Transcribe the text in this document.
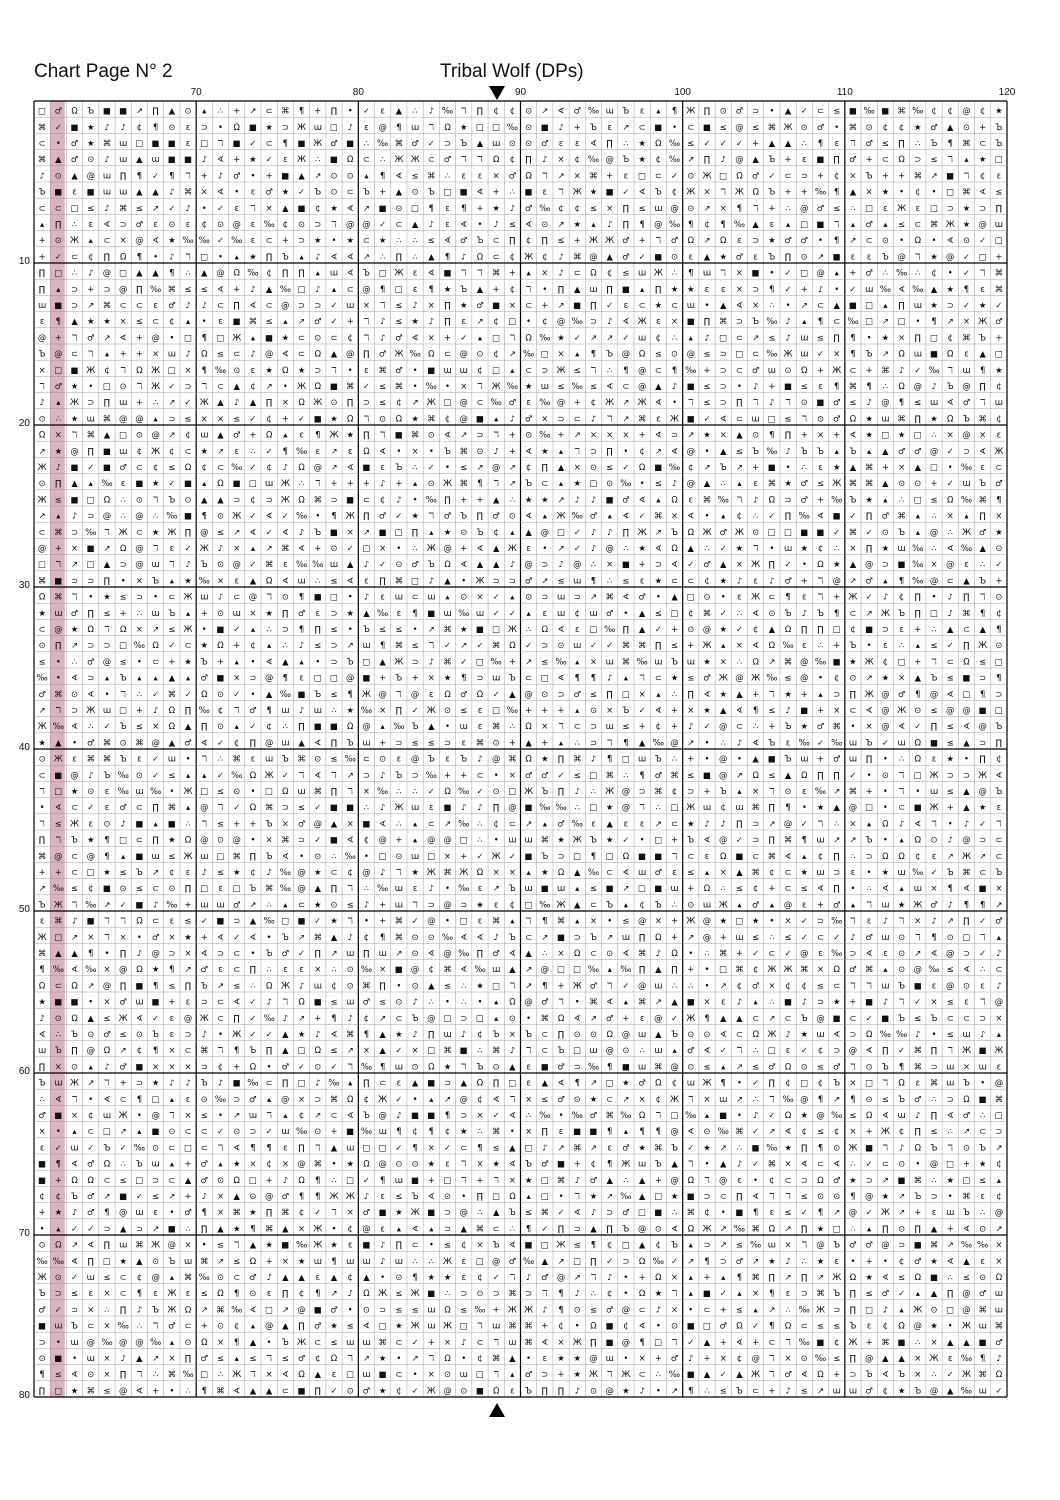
Chart Page N° 2	Tribal Wolf (DPs)
70	80	90	100	110	120
10
20
30
40
50
60
70
80
□ ♂ Ω Ъ ■ ■ ↗ ∏ ▲ ⊙ ▴ ∴ + ↗ ⊂ ⌘ ¶ + ∏ • ✓ ε ▲ ∴ ♪ ‰ ℸ ∏ ¢ ¢ ⊙ ↗ ∢ ♂ ‰ ɯ Ъ ε ▴ ¶ Ж ∏ ⊙ ♂ ⊃ • ▲ ✓ ⊂ ≤ ■ ‰ ■ ⌘ ‰ ¢ ¢ @ ¢ ★
⌘ ✓ ■ ★ ♪ ♪ ¢ ¶ ⊙ ε ⊃ • Ω ■ ★ ⊃ Ж ɯ □ ♪ ε @ ¶ ɯ ℸ Ω ★ □ □ ‰ ⊙ ■ ♪ + Ъ ε ↗ ⊂ ■ • ⊂ ■ ≤ @ ≤ ⌘ Ж ⊙ ♂ • ⌘ ⊙ ¢ ¢ ★ ♂ ▲ ⊙ + Ъ
⊂ • ♂ ★ ⌘ ɯ □ ■ ■ ε □ ℸ ■ ✓ ⊂ ¶ ■ Ж ♂ ■ ∴ ‰ ⌘ ♂ ✓ ⊃ Ъ ▲ ɯ ⊙ ⊙ ♂ ε ε ∢ ∏ ∴ ★ Ω ‰ ≤ ✓ ✓ ✓ + ▲ ▲ ∴ ¶ ε ℸ ♂ ≤ ∏ ∴ Ъ ¶ ⌘ ⊂ Ъ
⌘ ▲ ♂ ⊙ ♪ ɯ ▲ ɯ ■ ■ ♪ ∢ + ★ ✓ ε Ж ∴ ■ Ω ⊂ ∴ Ж Ж ⊂ ♂ ℸ ℸ Ω ¢ ∏ ♪ × ¢ ‰ @ Ъ ★ ¢ ‰ ↗ ∏ ♪ @ ▲ Ъ + ε ■ ∏ ♂ + ⊂ Ω ⊃ ≤ ℸ ▴ ★ □
♪ ⊙ ▲ @ ɯ ∏ ¶ ✓ ¶ ℸ + ♪ ♂ • + ■ ▲ ↗ ⊙ ⊙ ▴ ¶ ∢ ≤ ⌘ ∴ ε ε × ♂ Ω ℸ ↗ × ⌘ + ε □ ⊂ ✓ ⊙ Ж □ Ω ♂ ✓ ⊂ ⊃ + ¢ × Ъ + + ⌘ ↗ ■ ℸ ¢ ε
Ъ ■ ε ■ ɯ ɯ ▲ ▲ ♪ ⌘ × ∢ • ε ♂ ★ ✓ Ъ ⊙ ⊂ Ъ + ▲ ⊙ Ъ □ ■ ∢ + ∴ ■ ε ℸ Ж ★ ■ ✓ ∢ Ъ ¢ Ж × ℸ Ж Ω Ъ + + ‰ ¶ ▲ × ★ • ¢ • □ ⌘ ∢ ≤
⊂ ⊂ □ ≤ ♪ ⌘ ≤ ↗ ✓ ♪ • ✓ ε ℸ × ▲ ■ ¢ ★ ∢ ↗ ■ ⊙ □ ¶ ε ¶ + ★ ♪ ♂ ‰ ¢ ¢ ≤ × ∏ ≤ ɯ @ ⊙ ↗ × ¶ ℸ + ∴ @ ♂ ≤ ∴ □ ε Ж ε □ ⊃ ★ ⊃ ∏
▴ ∏ ∴ ε ∢ ⊃ ♂ ε ⊙ ε ¢ ⊙ @ ε ‰ ¢ ⊙ ⊃ ℸ @ @ ✓ ⊂ ▲ ♪ ε ∢ • ♪ ≤ ∢ ⊙ ↗ ★ ▴ ♪ ∏ ¶ @ ‰ ¶ ¢ ¶ ‰ ▲ ε ▴ □ ■ ℸ ▴ ♂ ▴ ≤ ⊂ ⌘ Ж ★ @ ɯ
+ ⊙ Ж ▴ ⊂ × @ ∢ ★ ‰ ‰ ✓ ‰ ε ⊂ + ⊃ ★ • ★ ⊂ ★ ∴ ∴ ≤ ∢ ♂ Ъ ⊂ ∏ ¢ ∏ ≤ + Ж Ж ♂ + ℸ ♂ Ω ↗ Ω ε ⊃ ★ ♂ ♂ • ¶ ↗ ⊂ ⊙ • Ω • ∢ ⊙ ✓ □
+ ✓ ⊂ ¢ ∏ Ω ¶ • ♪ ℸ □ • ▴ ★ ∏ Ъ ▴ ♪ ∢ ∢ ↗ ∴ ∏ ∴ ▲ ¶ ♪ Ω ⊂ ¢ Ж ¢ ♪ ⌘ @ ▲ ♂ ✓ ■ ⊙ ε ▲ ★ ♂ ε Ъ ∏ ⊙ ↗ ■ ε ε Ъ @ ℸ ★ @ ✓ □ +
∏ □ ∴ ♪ @ □ ▲ ▲ ¶ ∴ ▲ @ Ω ‰ ¢ ∏ ∏ ▴ ɯ ∢ Ъ □ Ж ε ∢ ■ ℸ ℸ ⌘ + ▴ × ♪ ⊂ Ω ¢ ≤ ɯ Ж ∴ ¶ ɯ ℸ × ■ • ✓ □ @ ▴ + ♂ ∴ ‰ ∴ ¢ • ✓ ℸ ⌘
∏ ▴ ⊃ + ⊃ @ ∏ ‰ ⌘ ≤ ≤ ∢ + ♪ ▲ ‰ □ ♪ ▴ ⊂ @ ¶ □ ε ¶ ★ Ъ ▲ + ¢ ℸ • ∏ ▲ ɯ ∏ ■ ▴ ∏ ★ ★ ε ε × ⊃ ¶ ✓ + ♪ • ✓ ɯ ‰ ∢ ‰ ▲ ★ ¶ ε ⌘
ɯ ■ ⊃ ↗ ⌘ ⊂ ⊂ ε ♂ ♪ ♪ ⊂ ∏ ∢ ⊂ @ ⊃ ⊃ ✓ ɯ × ℸ ≤ ♪ × ∏ ★ ♂ ■ × ⊂ + ↗ ■ ∏ ✓ ε ⊂ ★ ⊂ ɯ • ▲ ∢ × ∴ • ↗ ⊂ ▲ ■ □ ▴ ∏ ɯ ★ ⊃ ✓ ★ ✓
ε ¶ ▲ ★ ★ × ≤ ⊂ ¢ ▴ • ε ■ ⌘ ≤ ▴ ↗ ♂ ✓ + ℸ ♪ ≤ ★ ♪ ∏ ε ↗ ¢ □ • ¢ @ ‰ ⊃ ♪ ∢ Ж ε × ■ ∏ ⌘ ⊃ Ъ ‰ ♪ ▴ ¶ ⊂ ‰ □ ↗ □ • ¶ ↗ × Ж ♂
@ + ℸ ♂ ↗ ∢ + @ • □ ¶ □ Ж ▴ ■ ★ ⊂ ⊙ ⊂ ¢ ℸ ♪ ♂ ∢ × + ✓ ▴ □ ℸ Ω ‰ ★ ✓ ↗ ↗ ✓ ɯ ¢ ∴ ▴ ♪ □ ⊂ ↗ ≤ ♪ ɯ ≤ ∏ ¶ • ★ × ∏ □ ¢ ⌘ Ъ +
Ъ @ ⊂ ℸ ▴ + + × ɯ ♪ Ω ≤ ⊂ ♪ @ ∢ ⊂ Ω ▲ @ ∏ ♂ Ж ‰ Ω ⊂ @ ⊙ ¢ ↗ ‰ □ × ▴ ¶ Ъ @ Ω ≤ ⊙ @ ≤ ⊃ □ ⊂ ‰ Ж ɯ ✓ × ¶ Ъ ↗ Ω ɯ ■ Ω ε ▲ □
× □ ■ Ж ¢ ℸ Ω Ж □ × ¶ ‰ ⊙ ε ★ Ω ★ ⊃ ℸ • ε ⌘ ♂ • ■ ɯ ɯ ¢ □ ▴ ⊂ ⊃ Ж ≤ ℸ ∴ ¶ @ ⊂ ¶ ‰ + ⊃ ⊂ ♂ ɯ ⊙ Ω + Ж ⊂ + ⌘ ♪ ✓ ‰ ℸ ɯ ¶ ★
ℸ ♂ ★ • □ ⊙ ℸ Ж ✓ ⊃ ℸ ⊂ ▲ ¢ ↗ • Ж Ω ■ ⌘ ✓ ≤ ⌘ • ‰ • × ℸ Ж ‰ ★ ɯ ≤ ‰ ≤ ∢ ⊂ @ ▲ ♪ ■ ≤ ⊃ • ♪ + ■ ≤ ε ¶ ⌘ ¶ ∴ Ω @ ♪ Ъ @ ∏ ¢
♪ ▴ Ж ⊃ ∏ ɯ + ∴ ↗ ✓ Ж ▲ ♪ ▲ ∏ × Ω Ж ⊙ ∏ ⊃ ≤ ¢ ↗ Ж □ @ ⊂ ‰ ♂ ε ‰ @ + ¢ Ж ↗ Ж ∢ • ℸ ≤ ⊃ ∏ ℸ ♪ ℸ ⊙ ■ ♂ ≤ ♪ @ ¶ ≤ ɯ ∢ ♂ ℸ ɯ
⊙ ∴ ★ ɯ ⌘ @ @ ▴ ⊃ ≤ × × ≤ ✓ ¢ + ✓ ■ ★ Ω ℸ ⊙ Ω ★ ⌘ ¢ @ ■ ▴ ♪ ♂ × ⊃ ⊂ ♪ ℸ ↗ ⌘ ε Ж ■ ✓ ∢ ⊂ ɯ □ ≤ ℸ ⊙ ♂ Ω ★ ɯ ⌘ ∏ ★ Ω Ъ ⌘ ¢
Ω × ℸ ⌘ ▲ □ ⊙ @ ↗ ¢ ɯ ▲ ♂ + Ω ▴ ε ¶ Ж ★ ∏ ℸ ■ ⌘ ⊙ ∢ ↗ ⊃ ℸ + ⊙ ‰ + ↗ × × × + ∢ ⊃ ↗ ★ × ▲ ⊙ ¶ ∏ + × + ∢ ★ □ ★ □ ∴ × @ × ε
↗ ★ @ ∏ ■ ɯ ¢ Ж ¢ ⊂ ★ ↗ ε ∴ ✓ ¶ ‰ ε ↗ ε Ω ∢ • × • Ъ ⌘ ⊙ ♪ + ∢ ★ ▴ ℸ ⊃ ∏ • ¢ ↗ ∢ @ • ▲ ≤ Ъ ‰ ♪ Ъ Ъ ▴ Ъ ▴ ▲ ♂ ♂ @ ✓ ⊃ ∢ Ж
Ж ♪ ■ ✓ ■ ♂ ⊂ ¢ ≤ Ω ¢ ⊂ ‰ ✓ ¢ ♪ Ω @ ↗ ∢ ■ ε Ъ ∴ ✓ • ≤ ↗ @ ↗ ¢ ∏ ▲ × ⊙ ≤ ✓ Ω ■ ‰ ¢ ↗ Ъ ↗ + ■ • ∴ ε ★ ▲ ⌘ + × ▲ □ • ‰ ε ⊂
⊙ ∏ ▲ ▴ ‰ ε ■ ★ ✓ ■ ▴ Ω ■ □ ɯ Ж ∴ ℸ + + + ♪ + ▴ ⊙ Ж ⌘ ¶ ℸ ↗ Ъ ⊂ ▴ ★ □ ⊙ ‰ • ≤ ♪ @ ▲ ∴ ▴ ε ⌘ ★ ♂ ≤ Ж ⌘ ⌘ ▲ ⊙ ⊙ + ✓ ɯ Ъ ♂
Ж ≤ ■ □ Ω ∴ ⊙ ℸ Ъ ⊙ ▲ ▲ ⊃ ¢ ⊃ Ж Ω ⌘ ⊃ ■ ⊂ ¢ ♪ • ‰ ∏ + + ▲ ∴ ★ ★ ↗ ♪ ♪ ■ ♂ ∢ ▴ Ω ε ⌘ ‰ ℸ ♪ Ω ⊃ ♂ + ‰ Ъ ★ ▴ ∴ □ ≤ Ω ‰ ⌘ ¶
↗ ▴ ♪ ⊃ @ ∴ @ ∴ ‰ ■ ¶ ⊙ Ж ✓ ∢ ✓ ‰ • ¶ Ж ∏ ♂ ✓ ★ ℸ ♂ Ъ ∏ ♂ ⊙ ∢ ▴ Ж ‰ ♂ ▴ ∢ ✓ ⌘ × ∢ • ▴ ¢ ∴ ✓ ∏ ‰ ∢ ■ ✓ ∏ ♂ ⌘ ▴ ∴ × ▴ ∏ ×
⊂ ⌘ ⊃ ‰ ℸ Ж ⊂ ★ Ж ∏ @ ≤ ↗ ∢ ✓ ∢ ♪ Ъ ■ × ↗ ■ □ ∏ ▴ ★ ⊙ Ъ ¢ ▴ ▲ @ □ ✓ ♪ ♪ ∏ Ж ↗ Ъ Ω Ж ♂ Ж ⊙ □ □ ■ ■ ✓ ⌘ ✓ ⊙ Ъ ▴ @ ∴ Ж ♂ ★
@ + × ■ ↗ Ω @ ℸ ε ✓ Ж ♪ × ▴ ↗ ⌘ ∢ + ⊙ ✓ □ × • ∴ Ж @ + ∢ ▲ Ж ε • ↗ ✓ ♪ @ ∴ ★ ∢ Ω ▲ ∴ ✓ ★ ℸ • ɯ ★ ¢ ∴ × ∏ ★ ɯ ‰ ∴ ∢ ‰ ▲ ⊙
□ ℸ ↗ □ ▲ ⊃ @ ɯ ℸ ♪ Ъ ⊙ @ ✓ ⌘ ε ‰ ‰ ɯ ▲ ♪ ✓ ⊙ ♂ Ъ Ω ∢ ▲ ▲ ♪ @ ⊃ ♪ @ ∴ × ■ + ⊃ ∢ ✓ ♂ ▲ × Ж ∏ ✓ • Ω ★ ▲ @ ⊃ ■ ‰ × @ ε ∴ ✓
⌘ ■ ⊃ ⊃ ∏ • × Ъ ▴ ★ ‰ × ε ▲ Ω ∢ ɯ ∴ ≤ ∢ ε ∏ ⌘ □ ♪ ▲ • Ж ⊃ ⊃ ♂ ↗ ≤ ɯ ¶ ∴ ≤ ε ★ ⊂ ⊂ ¢ ★ ♪ ε ♪ ♂ + ℸ @ ↗ ♂ ▴ ¶ ‰ @ ⊂ ▲ Ъ +
Ω ⌘ ℸ • ★ ≤ ⊃ • ⊂ Ж ɯ ♪ ⊂ @ ℸ ⊙ ¶ ■ □ • ♪ ε ɯ ⊂ ɯ ▴ ⊙ × ✓ ▴ ⊙ ⊃ ɯ ⊃ ↗ ⌘ ∢ ♂ • ▲ □ ⊙ • ε Ж ⊂ ¶ ε ℸ + Ж ✓ ♪ ¢ ∏ • ♪ ∏ ℸ ⊙
★ ɯ ♂ ∏ ≤ + ∴ ɯ Ъ ▴ + ⊙ ɯ × ★ ∏ ♂ ε ⊃ ★ ▲ ‰ ε ¶ ■ ɯ ‰ ɯ ✓ ✓ ▴ ε ɯ ¢ ɯ ♂ • ▲ ≤ □ ¢ ⌘ ✓ ∴ ∢ ⊙ Ъ ♪ Ъ ¶ ⊂ ↗ Ж Ъ ∏ □ ♪ ⌘ ¶ ¢
⊂ @ ★ Ω ℸ Ω × ↗ ≤ Ж • ■ ✓ ▴ ∴ ⊃ ¶ ∏ ≤ • Ъ ≤ ≤ • ↗ ⌘ ★ ■ □ Ж ∴ Ω ∢ ε □ ‰ ∏ ▲ ✓ + ⊙ @ ★ ✓ ¢ ▲ Ω ∏ ∏ □ ¢ ■ ⊃ ε + ∴ ▲ ⊂ ▲ ¶
⊙ ∏ ↗ ⊃ ⊃ □ ‰ Ω ✓ ⊂ ★ Ω + ¢ ▴ ∴ ♪ ≤ ⊃ ↗ ɯ ¶ ⌘ ≤ ℸ ✓ ↗ ✓ ⌘ Ω ✓ ⊃ ⊙ ɯ ✓ ✓ ⌘ ⌘ ∏ ≤ + Ж ▴ × ∢ Ω ‰ ε ∴ + Ъ • ε ∴ ▴ ≤ ✓ ∏ Ж ⊙
≤ • ∴ ♂ @ ≤ • ⊂ + ★ Ъ + ▴ • ∢ ▲ ▴ • ⊃ Ъ □ ▲ Ж ⊃ ♪ ⌘ ✓ □ ‰ + ↗ ≤ ‰ ▴ × ɯ ⌘ ‰ ɯ Ъ ɯ ★ × ∴ Ω ↗ ⌘ @ ‰ ■ ★ Ж ¢ □ + ℸ ⊂ Ω ≤ □
‰ • ∢ ⊃ ▴ Ъ ▴ ▴ ▲ ▴ ♂ ■ × ⊃ @ ¶ ε □ □ @ ■ + Ъ + × ★ ¶ ⊃ ɯ Ъ ⊂ □ ∢ ¶ ¶ ♪ ▴ ℸ ⊂ ★ ≤ ♂ Ж @ Ж ‰ ≤ @ • ¢ ⊙ ↗ ★ × ▲ Ъ ≤ ■ ⊃ ¶
♂ ⌘ ⊙ ∢ • ℸ ∴ ✓ ⌘ ✓ Ω ⊙ ✓ • ▲ ‰ ■ Ъ ≤ ¶ Ж @ ℸ @ ε Ω ♂ Ω ✓ ▲ @ ⊙ ⊃ ♂ ≤ ∏ □ × ▴ ∴ ∏ ∢ ★ ▲ + ℸ ★ + ▴ ⊃ ∏ Ж @ ♂ ¶ @ ∢ □ ¶ ⊃
↗ ℸ ⊃ Ж ɯ □ + ♪ Ω ∏ ‰ ¢ ℸ ♂ ¶ ɯ ♪ ɯ ∴ ★ ‰ × ∏ ✓ Ж ⊙ ≤ ε □ ‰ + + + ▴ ⊙ × Ъ ✓ ∢ + × ★ ▲ ∢ ¶ ≤ ♪ ■ + × ⊂ ∢ @ Ж ⊙ ≤ @ @ ■ □
Ж ‰ ∢ ∴ ✓ Ъ ≤ × Ω ▲ ∏ ⊙ ▴ ✓ ¢ ∴ ∏ ■ ■ Ω @ ▴ ‰ Ъ ▲ • ɯ ε ⌘ ∴ Ω × ℸ ⊂ ⊃ ɯ ≤ + ¢ + ♪ ✓ @ ⊂ ∴ + Ъ ★ ♂ ⌘ • × @ ∢ ✓ ∏ ≤ ∢ @ Ъ
★ ▲ • ♂ ⌘ ⊙ ⌘ @ ▲ ♂ ∢ ✓ ¢ ∏ @ ɯ ▲ ∢ ∏ Ъ ɯ + ⊃ ≤ ≤ ⊃ ε ⌘ ⊙ + ▲ + ▴ ∴ ⊃ ℸ ¶ ▲ ‰ @ ↗ • ∴ ♪ ∢ Ъ ε ‰ ✓ ‰ ɯ Ъ ✓ ɯ Ω ■ ≤ ▲ ⊃ ∏
⊙ Ж ε ⌘ ⌘ Ъ ε ✓ ɯ • ℸ ∴ ⌘ ε ɯ Ъ ⌘ ⊙ ≤ ‰ ⊂ ⊙ ε @ Ъ ε Ъ ♪ @ ⌘ Ω ★ ∏ ⌘ ♪ ¶ □ ɯ Ъ ∴ + • @ • ▲ ■ Ъ ɯ + ♂ ɯ ∏ • ∴ Ω ε ★ • ∏ ¢
⊂ ■ @ ♪ Ъ ‰ ⊙ ✓ ≤ ▴ ▴ ✓ ‰ Ω Ж ✓ ℸ ∢ ℸ ↗ ⊃ ♪ Ъ ⊃ ‰ + + ⊂ • × ♂ ♂ ✓ ≤ □ ⌘ ∴ ¶ ♂ ⌘ ≤ ■ @ ↗ Ω ≤ ▲ Ω ∏ ∏ ✓ • ⊙ ℸ □ Ж ⊃ ⊃ Ж ∢
ℸ □ ★ ⊙ ε ‰ ɯ ‰ • Ж □ ≤ ⊙ • □ Ω ɯ ⌘ ∏ ℸ × ‰ ∴ ∴ ✓ Ω ‰ ✓ ⊙ □ Ж Ъ ∏ ♪ ∴ Ж @ ⊃ ⌘ ¢ ⊃ + Ъ ▴ × ℸ ⊙ ε ‰ ↗ ⌘ + • ℸ • ɯ ≤ ▲ @ Ъ
• ∢ ⊂ ✓ ε ♂ ⊂ ∏ ⌘ ▴ @ ℸ ✓ Ω ⌘ ⊃ ≤ ✓ ■ ■ ∴ ♪ Ж ɯ ε ■ ♪ ♪ ∏ @ ■ ‰ ‰ ∴ □ ★ @ ℸ ∴ □ Ж ɯ ¢ ɯ ⌘ ∏ ¶ • ★ ▲ @ □ • ⊂ ■ Ж + ▲ ★ ε
ℸ ≤ Ж ε ⊙ ♪ ■ ▴ ■ ∴ ℸ ≤ + + Ъ × ♂ @ ▲ × ■ ∢ ∴ ▴ ⊂ ↗ ‰ ∴ ¢ ⊂ ↗ ▴ ♂ ‰ ε ▲ ε ε ↗ ⊂ ★ ♪ ♪ ∏ ⊃ ↗ @ ✓ ℸ ∴ × ▴ Ω ♪ ∢ ℸ • ♪ ✓ ℸ
∏ ℸ Ъ ★ ¶ □ ⊂ ∏ ★ Ω @ ⊙ @ • × ⌘ ⊃ ✓ ■ ∢ ¢ @ + ▴ @ @ □ ∴ • ɯ ɯ ⌘ ★ Ж Ъ ★ ✓ • □ + Ъ ∢ @ ✓ ⊃ ∏ ⌘ ¶ ɯ ↗ ↗ Ъ • ▴ Ω ⊙ ♪ @ ⊃ ⊂
⌘ @ ⊂ @ ¶ ▴ ■ ɯ ≤ Ж ɯ □ ⌘ ∏ Ъ ∢ • ⊙ ∴ ‰ • □ ⊙ ɯ □ × + ✓ Ж ✓ ■ Ъ ⊃ □ ¶ □ Ω ■ ■ ℸ ⊂ ε Ω ■ ⊂ ⌘ ∢ ▴ ¢ ∏ ∴ ⊃ Ω Ω ¢ ε ↗ Ж ↗ ⊂
+ + ⊂ □ ★ ≤ Ъ ↗ ¢ ε ♪ ≤ ★ ¢ ♪ ‰ @ ★ ⊂ ¢ @ ♪ ℸ ★ Ж ⌘ Ж Ω × × ▴ ★ Ω ▲ ‰ ⊂ ∢ ɯ ♂ ε ≤ ▴ × ▲ ⌘ ¢ ⊂ ★ ɯ ⊃ ε • ★ ɯ ‰ ✓ Ъ ⌘ ⊂ Ъ
↗ ‰ ≤ ¢ ■ ⊙ ≤ ⊂ ⊙ ∏ □ ε □ Ъ ⌘ ‰ @ ▲ ∏ ℸ ∴ ‰ ɯ ε ♪ • ‰ ε ↗ Ъ ɯ ■ ɯ ▴ ≤ ■ ↗ □ ■ ɯ + Ω ∴ ≤ ¢ + ⊂ ≤ ∢ ∏ • ∴ ∢ ▴ ɯ × ¶ ∢ ■ ×
Ъ Ж ℸ ‰ ↗ ✓ ■ ♪ ‰ + ɯ ɯ ♂ ↗ ∴ ▴ ⊂ ★ ⊙ ≤ ♪ + ɯ ℸ ⊃ @ ⊃ ★ ε ¢ □ ‰ Ж ▲ ⊂ Ъ ▴ ¢ Ъ ∴ ⊙ ɯ Ж ▴ ♂ ▴ @ ε + ♂ ▴ ℸ ɯ ★ Ж ♂ ♪ ¶ ¶ ↗
ε ⌘ ♪ ■ ℸ ℸ Ω ⊂ ε ≤ ✓ ■ ⊃ ▲ ‰ □ ■ ✓ ★ ℸ • + ⌘ ✓ @ • □ ε ⌘ ▴ ℸ ¶ ⌘ ▴ × • ≤ @ × + Ж @ ★ □ ★ • × ✓ ⊃ ‰ ℸ ε ♪ ℸ × ♪ ↗ ∏ ✓ ♂
Ж □ ↗ × ℸ × • ♂ × ★ + ∢ ✓ ∢ • Ъ ↗ ⌘ ▲ ♪ ¢ ¶ ⌘ ⊙ ⊙ ‰ ∢ ∢ ♪ Ъ ⊂ ↗ ■ ⊃ Ъ ↗ ɯ ∏ Ω + ↗ @ + ɯ ≤ ∴ ≤ ✓ ⊂ ✓ ♪ ♂ ɯ ⊙ ℸ ¶ ⊙ □ ℸ ▴
⌘ ▲ ▲ ¶ • ∏ ♪ @ ⊃ × ∢ ⊃ ⊂ • Ъ ♂ ✓ ∏ ↗ ɯ ∏ ɯ ↗ ⊙ ∢ @ ‰ ∏ ♂ ∢ ▲ ∴ × Ω ⊂ ⊙ ∢ ⌘ ♪ Ω • ∴ ⌘ + ✓ ⊂ ✓ @ ε ‰ ⊃ ∢ ε ⊙ ↗ ∢ @ ⊃ ✓ ♪
¶ ‰ ∢ ‰ × @ Ω ★ ¶ ↗ ♂ ε ⊂ ∏ ∴ ε ε × ∴ ⊙ ‰ × ■ @ ¢ ⌘ ∢ ‰ ɯ ▲ ↗ @ □ □ ‰ ▴ ‰ ∏ ▲ ∏ + • □ ⌘ ¢ Ж Ж ⌘ × Ω ♂ ⌘ ▴ ⊙ @ ‰ ≤ ∢ ∴ ⊂
Ω ⊂ Ω ↗ @ ∏ ■ ¶ ≤ ∏ Ъ ↗ ≤ ∴ Ω Ж ♪ ɯ ¢ ⊙ ⌘ ∏ • ⊙ ▲ ≤ ∴ ★ □ ℸ ↗ ¶ + Ж ♂ ℸ ✓ @ ɯ ∴ ∴ • ↗ ¢ ♂ × ¢ ¢ ≤ ⊂ ℸ ℸ ɯ Ъ ■ ε @ ⊙ ε ♪
★ ■ ■ • × ♂ ɯ ■ + ε ⊃ ⊂ ∢ ✓ ♪ ℸ Ω ■ ≤ ɯ ♂ ≤ ⊙ ♪ ∴ • ∴ • ▴ Ω @ ♂ ℸ • ⌘ ∢ ▴ ⌘ ↗ ▲ ■ × ε ♪ ▴ ∴ ■ ♪ ⊃ ★ + ■ ♪ ℸ ✓ × ≤ ε ℸ @
♪ ⊙ Ω ▲ ≤ Ж ∢ ✓ ε @ Ж ⊂ ∏ ✓ ‰ ♪ ↗ + ¶ ♪ ¢ ↗ ⊂ Ъ @ □ ⊃ □ ▴ ⊙ • ⌘ Ω ∢ ↗ ♂ + ε @ ✓ Ж ¶ ▲ ▲ ⊂ ↗ ⊂ Ъ @ ■ ⊂ ✓ ■ Ъ ≤ Ъ ⊂ ⊂ ⊃ ×
∢ ∴ Ъ ⊙ ♂ ≤ ⊙ Ъ ε ⊃ ♪ • Ж ✓ ✓ ▲ ★ ♪ ∢ ⌘ ¶ ▲ ★ ♪ ∏ ɯ ♪ ¢ Ъ × Ъ ⊂ ∏ ⊙ ⊙ Ω @ ɯ ▲ Ъ ⊙ ⊙ ∢ ⊂ Ω Ж ♪ ★ ɯ ∢ ⊃ Ω ‰ ‰ ♪ • ≤ ɯ ♪ ▴
ɯ Ъ ∏ @ Ω ↗ ¢ ¶ × ⊂ ⌘ ℸ ¶ Ъ ∏ ▲ □ Ω ≤ ↗ × ▲ ✓ × □ ⌘ ■ ∴ ⌘ ♪ ℸ ⊂ Ъ □ ɯ @ ⊙ ∴ ɯ ▴ ♂ ∢ ✓ ℸ ∴ □ ε ✓ ¢ ⊃ @ ∢ ∏ ✓ ⌘ ∏ ℸ Ж ■ Ж
∏ × ⊙ ▴ ♪ ♂ ■ × × × ⊃ ¢ + Ω • ♂ ✓ ⊙ ✓ ℸ ‰ ¶ ɯ ⊙ Ω ★ ℸ Ъ ⊙ ▲ ε ■ ♂ ⊃ ‰ ¶ ■ ɯ ⌘ @ ⊙ ≤ ▴ ↗ ≤ ♂ Ω ⊙ ≤ ♂ ℸ ⊙ Ъ ¶ ⌘ ⊃ ɯ × ɯ ε
Ъ ɯ Ж ↗ ℸ + ⊃ ★ ♪ ♪ Ъ ♪ ■ ‰ ⊂ ∏ □ ♪ ‰ ▴ ∏ ⊂ ε ▲ ■ ⊃ ▲ Ω ∏ □ ε ▲ ∢ ¶ ↗ □ ★ ♂ Ω ¢ ɯ Ж ¶ • ✓ ∏ ¢ □ ¢ Ъ × □ ℸ Ω ε ⌘ ɯ Ъ • @
∴ ∢ ℸ • ∢ ⊂ ¶ □ ▴ ε ⊙ ‰ ⊃ ♂ ▴ @ × ⊃ ⌘ Ω ¢ Ж ✓ • ▴ ↗ @ ¢ ∢ ℸ × ≤ ♂ ⊙ ★ ⊂ ↗ × ¢ Ж ℸ × ɯ ↗ ∴ ℸ ‰ @ ¶ ↗ ¶ ⊙ ≤ Ъ ♂ ∴ ⊃ Ω ■ ⌘
♂ ■ × ¢ ɯ Ж • @ ℸ × ≤ • ↗ ɯ ℸ ▴ ¢ ↗ ⊂ ∢ Ъ @ ♪ ■ ■ ¶ ⊃ × ✓ ∢ ∴ ‰ • ‰ ♂ ⌘ ‰ Ω ℸ □ ‰ ▴ ■ • ♪ ✓ Ω ★ @ ‰ ≤ Ω ∢ ɯ ♪ ∏ ∢ ♂ ∴ □
× • ▴ ⊂ □ ↗ ▴ ■ ⊙ ⊂ ⊂ ✓ ⊙ ⊃ ✓ ɯ ‰ ⊙ + ■ ‰ ɯ ¶ ¢ ¶ ¢ ★ ∴ ⌘ • × ∏ ε ■ ■ ¶ ▴ ¶ ¶ @ ∢ ⊙ ‰ ⌘ ✓ ↗ ∢ ¢ ≤ ¢ × + Ж ¢ ∏ ≤ ∴ ↗ ⊂ ⊃
ε ✓ ɯ ✓ Ъ ✓ ‰ ⊙ ⊂ □ ⊂ ℸ ∢ ¶ ¶ ε ∏ ℸ ▲ ɯ □ □ ✓ ¶ × ✓ ⊂ ¶ ≤ ▲ □ ♪ ↗ ⌘ ↗ ε ♂ ★ ⌘ Ъ ✓ ★ ↗ ∴ ■ ‰ ★ ∏ ¶ ⊙ Ж ■ ℸ ♪ Ω Ъ ℸ ⊙ Ъ ↗
■ ¶ ∢ ♂ Ω ∴ Ъ ɯ ▴ + ♂ ▴ ★ × ¢ × @ ⌘ • ★ Ω @ ⊙ ⊙ ★ ε ℸ × ★ ∢ Ъ ♂ ■ + ¢ ¶ Ж ɯ Ъ ▲ ℸ • ▲ ♪ ✓ ⌘ × ∢ ⊂ ∢ ∴ ✓ ⊂ ⊙ • @ □ + ★ ¢
■ + Ω Ω ⊂ ≤ □ ⊃ ⊂ ▲ ♂ ⊙ Ω □ + ♪ Ω ¶ ∴ □ ✓ ¶ ɯ ■ + □ ℸ + ℸ × ★ □ ⌘ ♪ ♂ ▲ ∴ ▲ + @ Ω ℸ @ ε • ¢ ⊂ ⊃ Ω ♂ ★ ⊃ ↗ ■ ⌘ ∴ ★ □ ≤ ▴
¢ ¢ Ъ ♂ ↗ ■ ✓ ≤ ↗ + ♪ × ▲ ⊙ @ ♂ ¶ ¶ Ж Ж ♪ ε ≤ Ъ ∢ ⊙ • ∏ □ Ω ▴ □ • ℸ ★ ↗ ‰ ▲ □ ★ ■ ⊃ ⊂ ∏ ∢ ℸ ℸ ≤ ⊙ ⊙ ¶ @ ★ ↗ Ъ ⊃ • ⌘ ε ¢
+ ★ ♪ ♂ ¶ @ ɯ ε • ♂ ¶ × ⌘ ★ ∏ ⌘ ¢ ✓ ℸ × ♂ ■ ★ Ж ■ ⊃ @ ∴ ▲ Ъ ≤ ⌘ ✓ ∢ ♪ ⊃ ♂ □ ■ ∴ ⌘ ¢ • ■ ¶ ε ≤ ✓ ¶ ↗ @ ✓ Ж ↗ + ε ɯ Ъ ∴ @
• ▴ ✓ ✓ ⊃ ▲ ⊃ ↗ ■ ∴ ∏ ▲ ★ ¶ ⌘ ▲ × Ж • ¢ @ ε ▴ ∢ ▴ ⊃ ▲ ⌘ ⊂ ∴ ¶ ✓ ∏ ⊃ ▲ ∏ Ъ @ ⊙ ∢ Ω Ж ↗ ‰ ⌘ Ω ↗ ∏ ★ □ ∴ ▴ ∏ ⊙ ∏ ▲ + ∢ ⊙ ↗
⊙ Ω ↗ ∢ ∏ ɯ ⌘ Ж @ × • ≤ ℸ ▲ ★ ■ ‰ Ж ★ ε ■ ♪ ∏ ⊂ • ≤ ¢ × Ъ ∢ ■ □ Ж ≤ ¶ ¢ □ ▲ ¢ Ъ ▴ ⊃ ↗ ≤ ‰ ɯ × ℸ @ Ъ ♂ ♂ @ ⊃ ■ ⌘ ↗ ‰ ‰ ×
‰ ‰ ∢ ∏ □ ★ ▲ ⊙ Ъ ɯ ⌘ ↗ ≤ Ω + × ★ ɯ ¶ ɯ ɯ ♪ ɯ ∴ ∴ Ж ε □ @ ♂ ‰ ▲ ↗ □ ∏ ✓ ⊃ Ω ‰ ✓ ↗ ¶ ⊃ ♂ ↗ ★ ♪ ∴ ★ ε • + • ¢ ♂ ★ ∢ ▲ ε ×
Ж ⊙ ✓ ɯ ≤ ⊂ ¢ @ ▴ ⌘ ‰ ⊙ ⊂ ♂ ♪ ▲ ▲ ε ▲ ¢ ▲ • ⊙ ¶ ★ ★ ε ¢ ✓ ℸ ♪ ♂ @ ↗ ℸ ♪ • + Ω × ▴ + ▴ ¶ ⌘ ∏ ↗ ∏ ↗ Ж Ω ★ ∢ ≤ Ω ■ ∴ ≤ ⊙ Ω
Ъ ⊃ ≤ ε × ⊂ ¶ ε Ж ε ≤ Ω ¶ ⊙ ε ∏ ¢ ¶ ↗ ♪ Ω Ж ≤ Ж ■ ∴ ⊃ ⊙ ⊃ ⌘ ⊃ ℸ ¶ ♪ ∴ ¢ • Ω ★ ℸ ▴ ■ ✓ ▴ × ¶ ε ⊃ ⌘ Ъ ∏ ≤ ♂ ✓ ▴ ▲ ∏ @ ♂ ɯ
♂ ✓ ⊃ × ∴ ∏ ♪ Ъ Ж Ω ↗ ⌘ ‰ ∢ □ ↗ @ ■ ♂ • ⊙ ⊃ ≤ ≤ ɯ Ω ≤ ‰ + Ж Ж ♪ ¶ ⊙ ≤ ♂ @ ⊂ ♪ × • ⊂ + ≤ ▴ ↗ ∴ ‰ Ж ⊃ ∏ □ ♪ ▴ Ж ⊙ □ @ ⌘ ɯ
■ ɯ Ъ ⊂ × ‰ ∴ ℸ ♂ ⊂ + ⊙ ¢ ▴ @ ▲ ∏ ♂ ★ ≤ ∢ □ ★ Ж ɯ Ж □ ℸ ɯ ⌘ ⌘ + ¢ • Ω ■ ¢ ∢ • ⊙ ■ □ ♂ Ω ✓ ¶ Ω ⊂ ≤ ≤ Ъ ε ¢ Ω @ ★ • Ж ɯ ⌘
⊃ • ɯ @ ‰ @ @ ‰ ▴ ⊙ Ω × ¶ ▲ • Ъ Ж ⊂ ≤ ɯ ɯ ⌘ ⊂ ✓ + × ♪ ⊂ ℸ ɯ ⌘ ∢ × Ж ∏ ■ @ ¶ □ ℸ ✓ ▲ + ∢ + ⊂ ℸ ‰ ■ ¢ Ж + ⌘ ■ ∴ × ▲ ▲ ■ ♂
⊙ ■ • ɯ × ♪ ▲ ↗ × ∏ ♂ ≤ ▴ ≤ ℸ ≤ ♂ ¢ Ω ℸ ↗ ★ • ↗ ℸ Ω • ¢ ⌘ ▲ • ε ★ ★ @ ɯ • × + ♂ ♪ + × ¢ @ ℸ × ⊙ ‰ ≤ ∏ @ ▲ ▲ × Ж ε ‰ ¶ ♪
¶ ≤ ∢ ⊙ × ∏ ℸ ∴ ⌘ ‰ □ ∴ Ж ℸ × ∢ Ω ▲ ε □ ɯ ■ ⊂ • × ⊙ ɯ □ ℸ ▴ ♂ ⊃ + ★ Ж ℸ Ж ⊂ ∴ ‰ ■ ▲ ✓ ▲ Ж ℸ ♂ ∢ Ω + ⊃ Ъ ∢ Ъ × ∴ ✓ Ж ⌘ Ω
∏ □ ★ ⌘ ≤ @ ∢ + • ∴ ¶ ⌘ ∢ ▲ ▲ ⊂ ■ ∏ ✓ ⊙ ♂ ★ ¢ ✓ Ж @ ⊙ ■ Ω ε Ъ ∏ ∏ ♪ ⊙ @ ★ ♪ • ↗ ¶ ∴ ≤ Ъ ⊂ + ♪ ≤ ↗ ɯ ɯ ♂ ¢ ★ Ъ @ ▲ ‰ ɯ ✓
